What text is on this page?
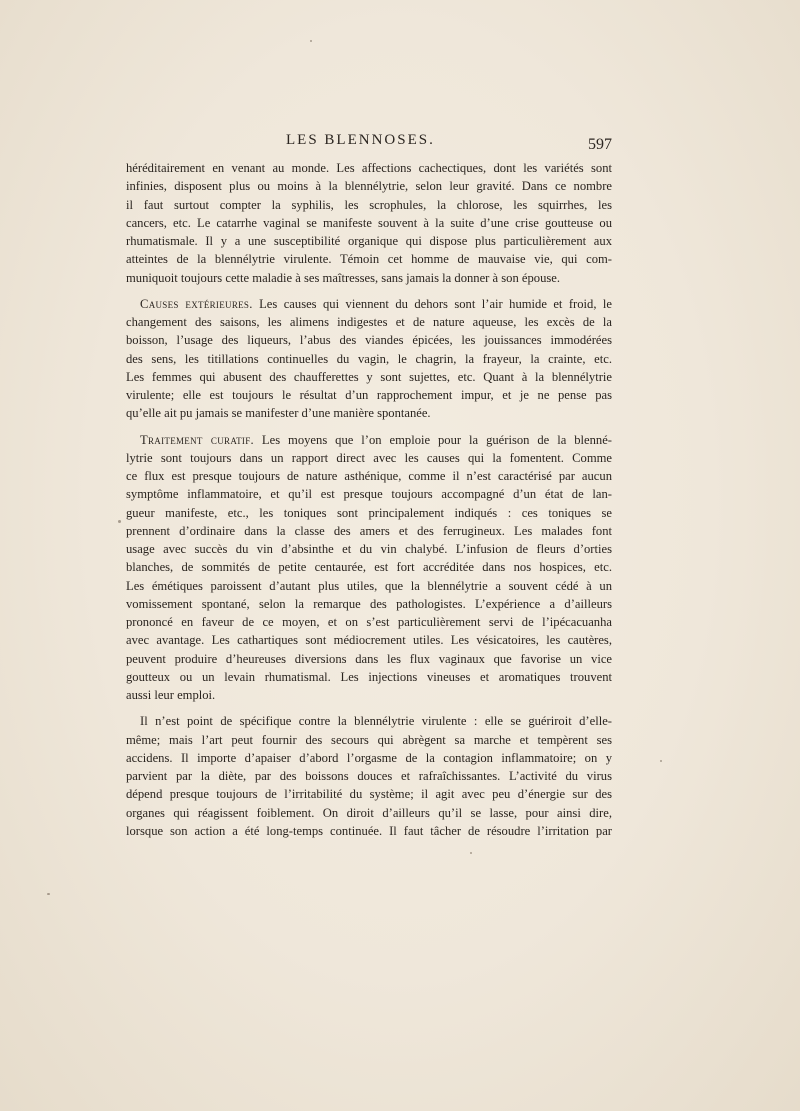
LES BLENNOSES.	597
héréditairement en venant au monde. Les affections cachectiques, dont les variétés sont
infinies, disposent plus ou moins à la blennélytrie, selon leur gravité. Dans ce nombre
il faut surtout compter la syphilis, les scrophules, la chlorose, les squirrhes, les
cancers, etc. Le catarrhe vaginal se manifeste souvent à la suite d’une crise goutteuse ou
rhumatismale. Il y a une susceptibilité organique qui dispose plus particulièrement aux
atteintes de la blennélytrie virulente. Témoin cet homme de mauvaise vie, qui com-
muniquoit toujours cette maladie à ses maîtresses, sans jamais la donner à son épouse.
Causes extérieures. Les causes qui viennent du dehors sont l’air humide et froid, le
changement des saisons, les alimens indigestes et de nature aqueuse, les excès de la
boisson, l’usage des liqueurs, l’abus des viandes épicées, les jouissances immodérées
des sens, les titillations continuelles du vagin, le chagrin, la frayeur, la crainte, etc.
Les femmes qui abusent des chaufferettes y sont sujettes, etc. Quant à la blennélytrie
virulente; elle est toujours le résultat d’un rapprochement impur, et je ne pense pas
qu’elle ait pu jamais se manifester d’une manière spontanée.
Traitement curatif. Les moyens que l’on emploie pour la guérison de la blenné-
lytrie sont toujours dans un rapport direct avec les causes qui la fomentent. Comme
ce flux est presque toujours de nature asthénique, comme il n’est caractérisé par aucun
symptôme inflammatoire, et qu’il est presque toujours accompagné d’un état de lan-
gueur manifeste, etc., les toniques sont principalement indiqués : ces toniques se
prennent d’ordinaire dans la classe des amers et des ferrugineux. Les malades font
usage avec succès du vin d’absinthe et du vin chalybé. L’infusion de fleurs d’orties
blanches, de sommités de petite centaurée, est fort accréditée dans nos hospices, etc.
Les émétiques paroissent d’autant plus utiles, que la blennélytrie a souvent cédé à un
vomissement spontané, selon la remarque des pathologistes. L’expérience a d’ailleurs
prononcé en faveur de ce moyen, et on s’est particulièrement servi de l’ipécacuanha
avec avantage. Les cathartiques sont médiocrement utiles. Les vésicatoires, les cautères,
peuvent produire d’heureuses diversions dans les flux vaginaux que favorise un vice
goutteux ou un levain rhumatismal. Les injections vineuses et aromatiques trouvent
aussi leur emploi.
Il n’est point de spécifique contre la blennélytrie virulente : elle se guériroit d’elle-
même; mais l’art peut fournir des secours qui abrègent sa marche et tempèrent ses
accidens. Il importe d’apaiser d’abord l’orgasme de la contagion inflammatoire; on y
parvient par la diète, par des boissons douces et rafraîchissantes. L’activité du virus
dépend presque toujours de l’irritabilité du système; il agit avec peu d’énergie sur des
organes qui réagissent foiblement. On diroit d’ailleurs qu’il se lasse, pour ainsi dire,
lorsque son action a été long-temps continuée. Il faut tâcher de résoudre l’irritation par
